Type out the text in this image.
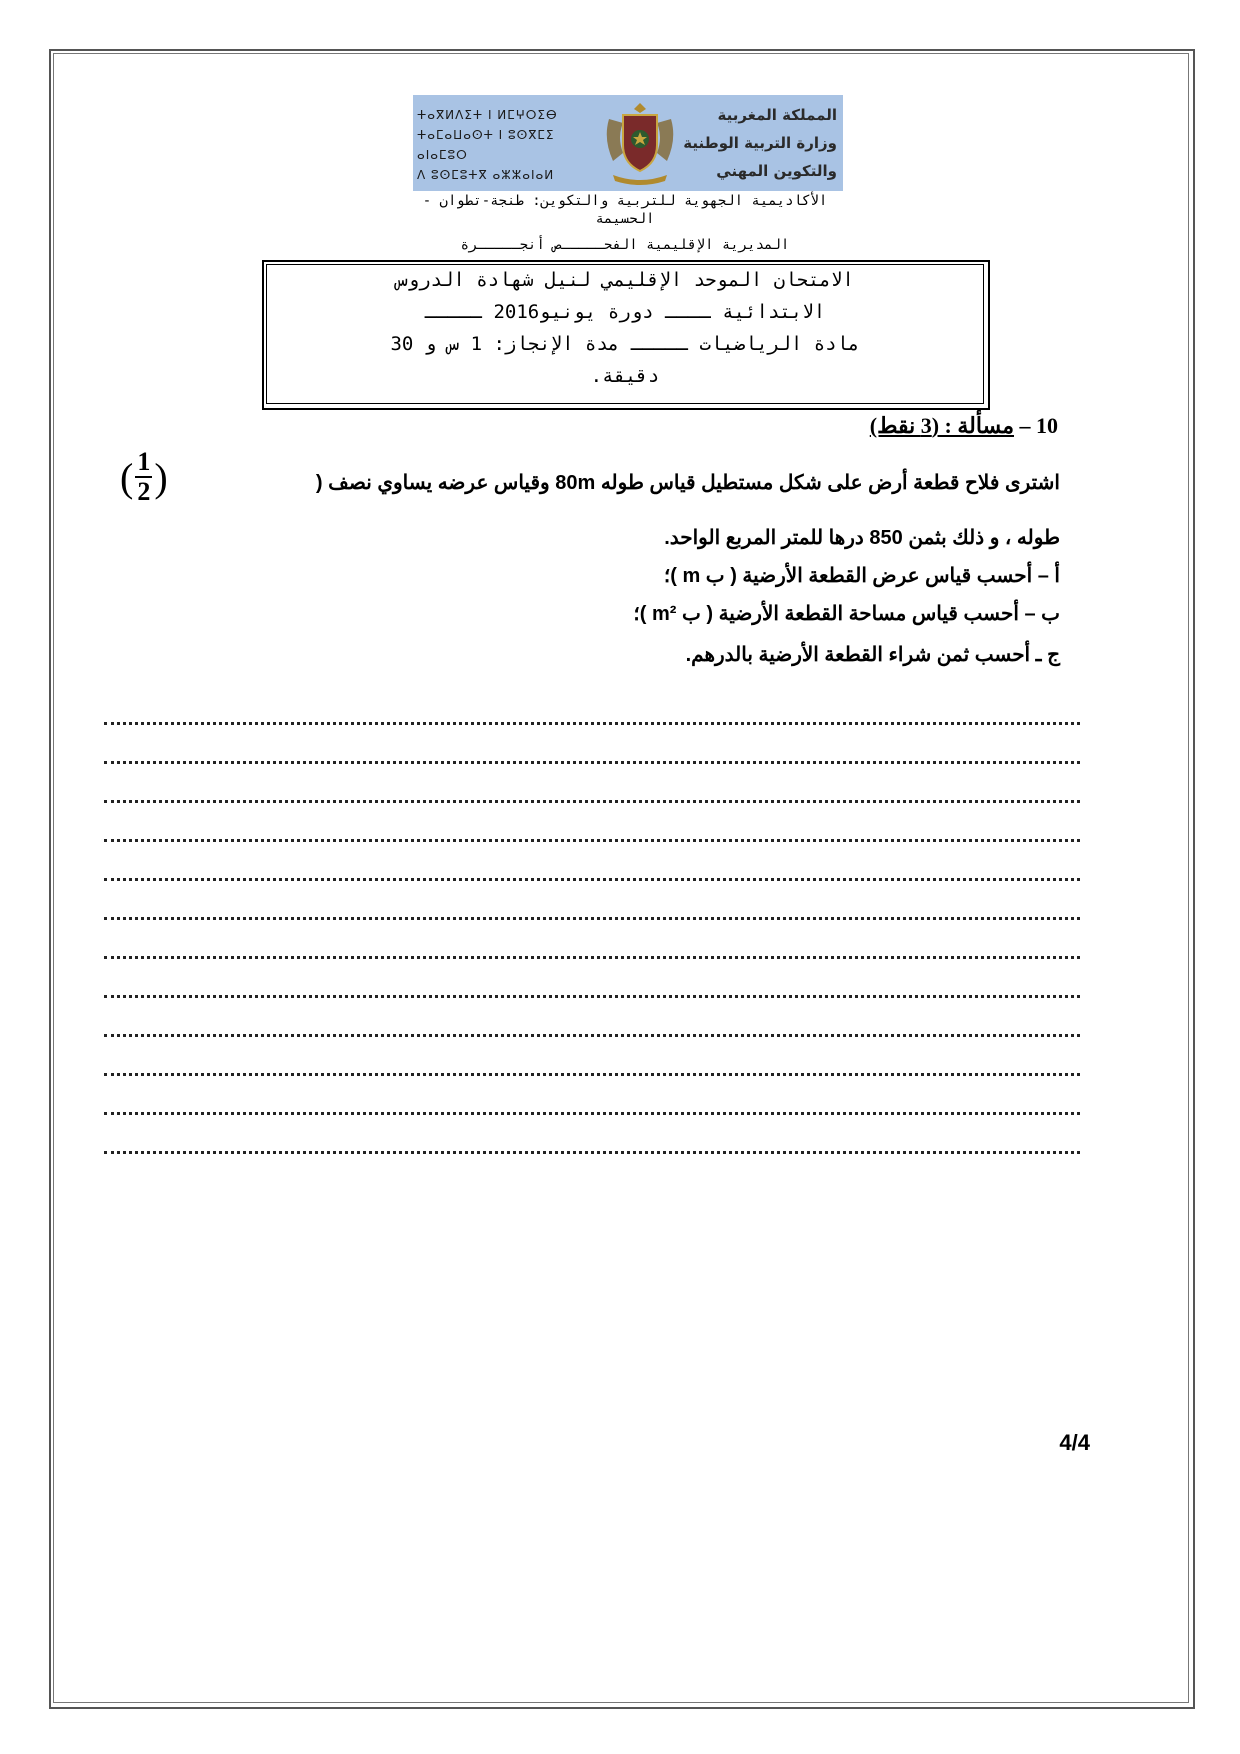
ⵜⴰⴳⵍⴷⵉⵜ ⵏ ⵍⵎⵖⵔⵉⴱ
ⵜⴰⵎⴰⵡⴰⵙⵜ ⵏ ⵓⵙⴳⵎⵉ ⴰⵏⴰⵎⵓⵔ
ⴷ ⵓⵙⵎⵓⵜⴳ ⴰⵣⵣⴰⵏⴰⵍ
المملكة المغربية
وزارة التربية الوطنية
والتكوين المهني
الأكاديمية الجهوية للتربية والتكوين: طنجة-تطوان -
الحسيمة
المديرية الإقليمية الفحـــــص أنجـــــرة
الامتحان الموحد الإقليمي لنيل شهادة الدروس
الابتدائية ــــ دورة يونيو2016 ـــــ
مادة الرياضيات ـــــ مدة الإنجاز: 1 س و 30
دقيقة.
10 – مسألة : (3 نقط)
اشترى فلاح قطعة أرض على شكل مستطيل قياس طوله 80m وقياس عرضه يساوي نصف (
( $\frac{1}{2}$ )
طوله ، و ذلك بثمن 850 درها للمتر المربع الواحد.
أ – أحسب قياس عرض القطعة الأرضية ( ب m )؛
ب – أحسب قياس مساحة القطعة الأرضية ( ب m² )؛
ج ـ أحسب ثمن شراء القطعة الأرضية بالدرهم.
4/4
